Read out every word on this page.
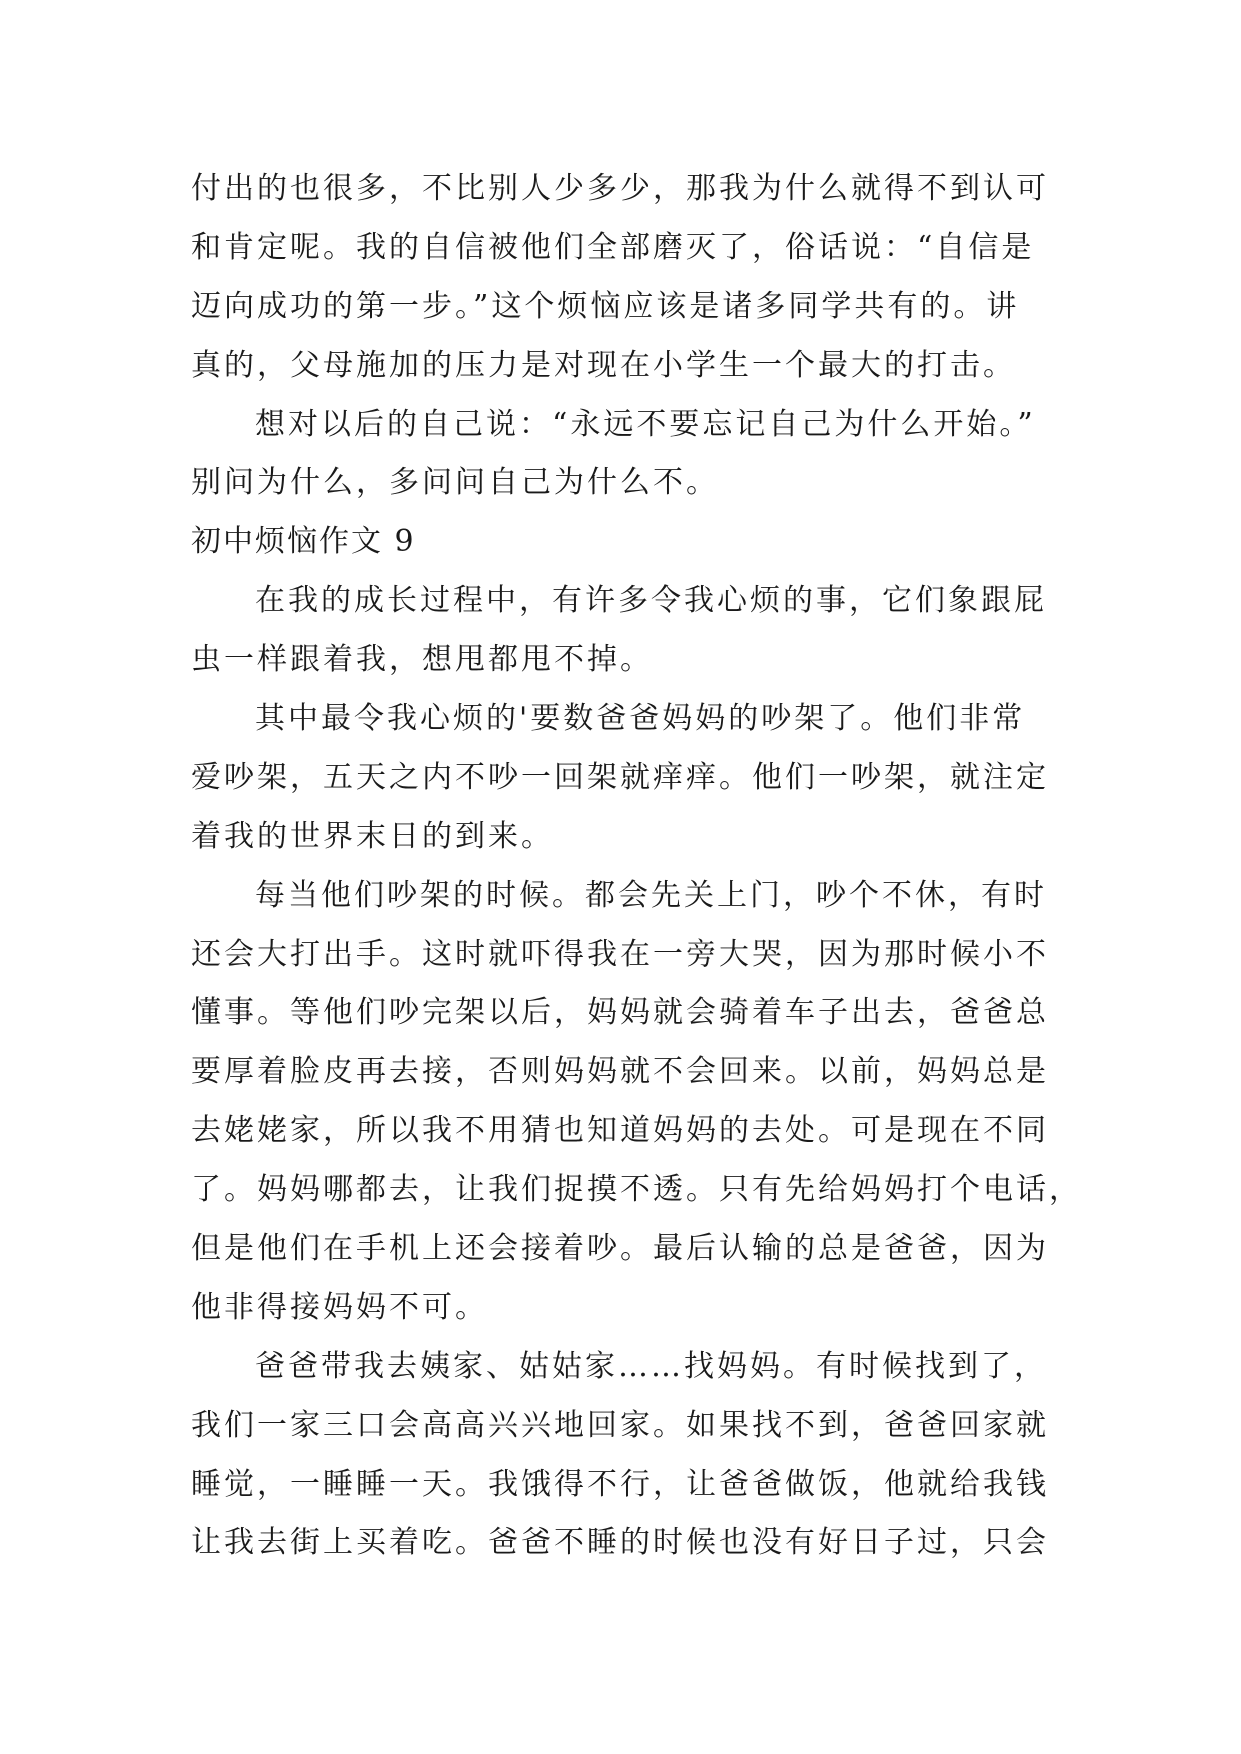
付出的也很多，不比别人少多少，那我为什么就得不到认可
和肯定呢。我的自信被他们全部磨灭了，俗话说：“自信是
迈向成功的第一步。”这个烦恼应该是诸多同学共有的。讲
真的，父母施加的压力是对现在小学生一个最大的打击。
想对以后的自己说：“永远不要忘记自己为什么开始。”
别问为什么，多问问自己为什么不。
初中烦恼作文 9
在我的成长过程中，有许多令我心烦的事，它们象跟屁
虫一样跟着我，想甩都甩不掉。
其中最令我心烦的'要数爸爸妈妈的吵架了。他们非常
爱吵架，五天之内不吵一回架就痒痒。他们一吵架，就注定
着我的世界末日的到来。
每当他们吵架的时候。都会先关上门，吵个不休，有时
还会大打出手。这时就吓得我在一旁大哭，因为那时候小不
懂事。等他们吵完架以后，妈妈就会骑着车子出去，爸爸总
要厚着脸皮再去接，否则妈妈就不会回来。以前，妈妈总是
去姥姥家，所以我不用猜也知道妈妈的去处。可是现在不同
了。妈妈哪都去，让我们捉摸不透。只有先给妈妈打个电话，
但是他们在手机上还会接着吵。最后认输的总是爸爸，因为
他非得接妈妈不可。
爸爸带我去姨家、姑姑家……找妈妈。有时候找到了，
我们一家三口会高高兴兴地回家。如果找不到，爸爸回家就
睡觉，一睡睡一天。我饿得不行，让爸爸做饭，他就给我钱
让我去街上买着吃。爸爸不睡的时候也没有好日子过，只会
